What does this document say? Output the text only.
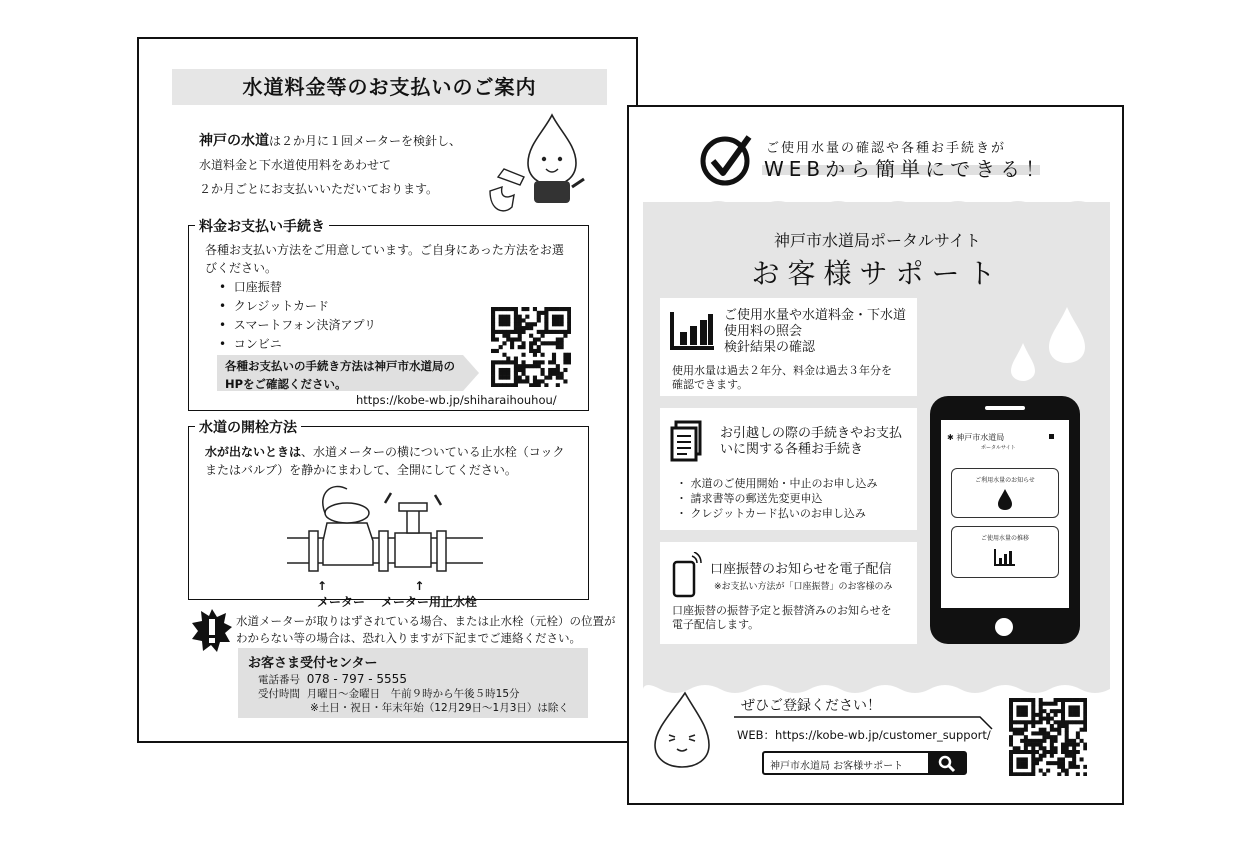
水道料金等のお支払いのご案内
神戸の水道は２か月に１回メーターを検針し、
水道料金と下水道使用料をあわせて
２か月ごとにお支払いいただいております。
料金お支払い手続き
各種お支払い方法をご用意しています。ご自身にあった方法をお選
びください。
•  口座振替
•  クレジットカード
•  スマートフォン決済アプリ
•  コンビニ
各種お支払いの手続き方法は神戸市水道局の
HPをご確認ください。
https://kobe-wb.jp/shiharaihouhou/
水道の開栓方法
水が出ないときは、水道メーターの横についている止水栓（コック
またはバルブ）を静かにまわして、全開にしてください。
↑
メーター
↑
メーター用止水栓
水道メーターが取りはずされている場合、または止水栓（元栓）の位置が
わからない等の場合は、恐れ入りますが下記までご連絡ください。
お客さま受付センター
電話番号 078 - 797 - 5555
受付時間 月曜日～金曜日　午前９時から午後５時15分
※土日・祝日・年末年始（12月29日～1月3日）は除く
ご使用水量の確認や各種お手続きが
WEBから簡単にできる！
神戸市水道局ポータルサイト
お客様サポート
ご使用水量や水道料金・下水道
使用料の照会
検針結果の確認
使用水量は過去２年分、料金は過去３年分を
確認できます。
お引越しの際の手続きやお支払
いに関する各種お手続き
・ 水道のご使用開始・中止のお申し込み
・ 請求書等の郵送先変更申込
・ クレジットカード払いのお申し込み
口座振替のお知らせを電子配信
※お支払い方法が「口座振替」のお客様のみ
口座振替の振替予定と振替済みのお知らせを
電子配信します。
✱ 神戸市水道局
ポータルサイト
ご利用水量のお知らせ
ご使用水量の推移
ぜひご登録ください！
WEB：https://kobe-wb.jp/customer_support/
神戸市水道局 お客様サポート
